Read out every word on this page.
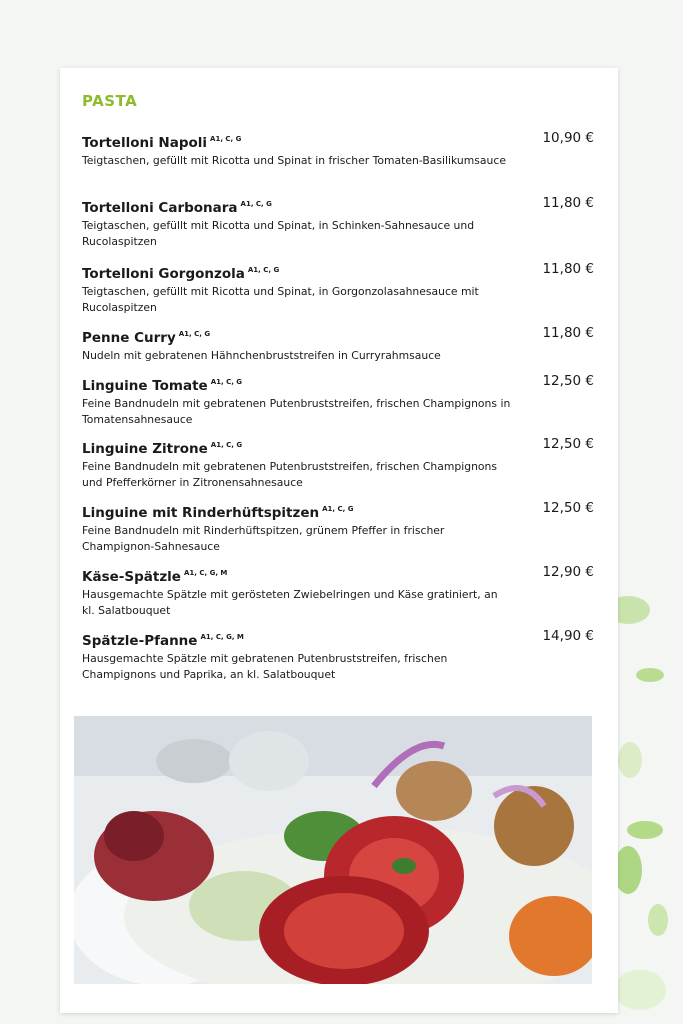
PASTA
Tortelloni Napoli $^{A1, C, G}$
Teigtaschen, gefüllt mit Ricotta und Spinat in frischer Tomaten-Basilikumsauce
10,90 €
Tortelloni Carbonara $^{A1, C, G}$
Teigtaschen, gefüllt mit Ricotta und Spinat, in Schinken-Sahnesauce und Rucolaspitzen
11,80 €
Tortelloni Gorgonzola $^{A1, C, G}$
Teigtaschen, gefüllt mit Ricotta und Spinat, in Gorgonzolasahnesauce mit Rucolaspitzen
11,80 €
Penne Curry $^{A1, C, G}$
Nudeln mit gebratenen Hähnchenbruststreifen in Curryrahmsauce
11,80 €
Linguine Tomate $^{A1, C, G}$
Feine Bandnudeln mit gebratenen Putenbruststreifen, frischen Champignons in Tomatensahnesauce
12,50 €
Linguine Zitrone $^{A1, C, G}$
Feine Bandnudeln mit gebratenen Putenbruststreifen, frischen Champignons und Pfefferkörner in Zitronensahnesauce
12,50 €
Linguine mit Rinderhüftspitzen $^{A1, C, G}$
Feine Bandnudeln mit Rinderhüftspitzen, grünem Pfeffer in frischer Champignon-Sahnesauce
12,50 €
Käse-Spätzle $^{A1, C, G, M}$
Hausgemachte Spätzle mit gerösteten Zwiebelringen und Käse gratiniert, an kl. Salatbouquet
12,90 €
Spätzle-Pfanne $^{A1, C, G, M}$
Hausgemachte Spätzle mit gebratenen Putenbruststreifen, frischen Champignons und Paprika, an kl. Salatbouquet
14,90 €
